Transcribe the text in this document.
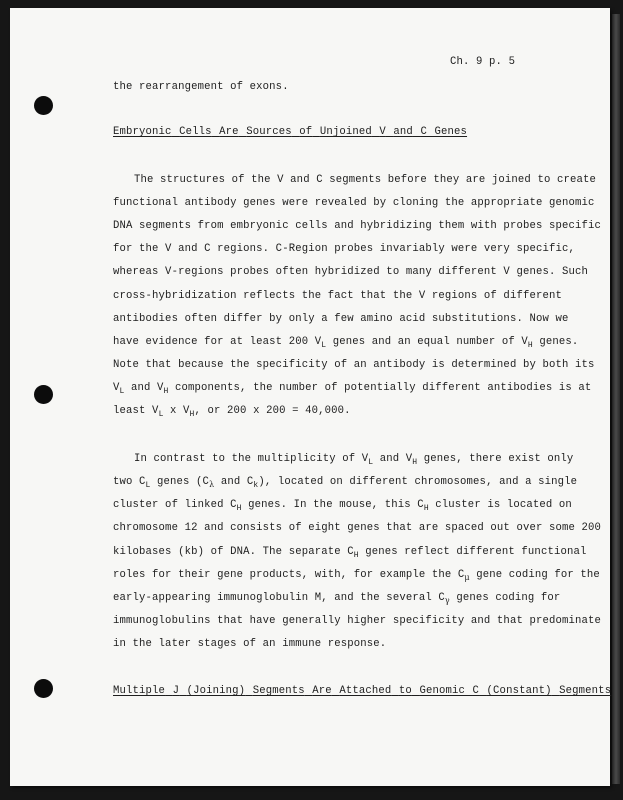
Ch. 9 p. 5

the rearrangement of exons.

Embryonic Cells Are Sources of Unjoined V and C Genes

The structures of the V and C segments before they are joined to create

functional antibody genes were revealed by cloning the appropriate genomic

DNA segments from embryonic cells and hybridizing them with probes specific

for the V and C regions. C-Region probes invariably were very specific,

whereas V-regions probes often hybridized to many different V genes. Such

cross-hybridization reflects the fact that the V regions of different

antibodies often differ by only a few amino acid substitutions. Now we

have evidence for at least 200 $V_L$ genes and an equal number of $V_H$ genes.

Note that because the specificity of an antibody is determined by both its

$V_L$ and $V_H$ components, the number of potentially different antibodies is at

least $V_L$ x $V_H$, or 200 x 200 = 40,000.

In contrast to the multiplicity of $V_L$ and $V_H$ genes, there exist only

two $C_L$ genes ($C_\lambda$ and $C_k$), located on different chromosomes, and a single

cluster of linked $C_H$ genes. In the mouse, this $C_H$ cluster is located on

chromosome 12 and consists of eight genes that are spaced out over some 200

kilobases (kb) of DNA. The separate $C_H$ genes reflect different functional

roles for their gene products, with, for example the $C_\mu$ gene coding for the

early-appearing immunoglobulin M, and the several $C_\gamma$ genes coding for

immunoglobulins that have generally higher specificity and that predominate

in the later stages of an immune response.

Multiple J (Joining) Segments Are Attached to Genomic C (Constant) Segments
